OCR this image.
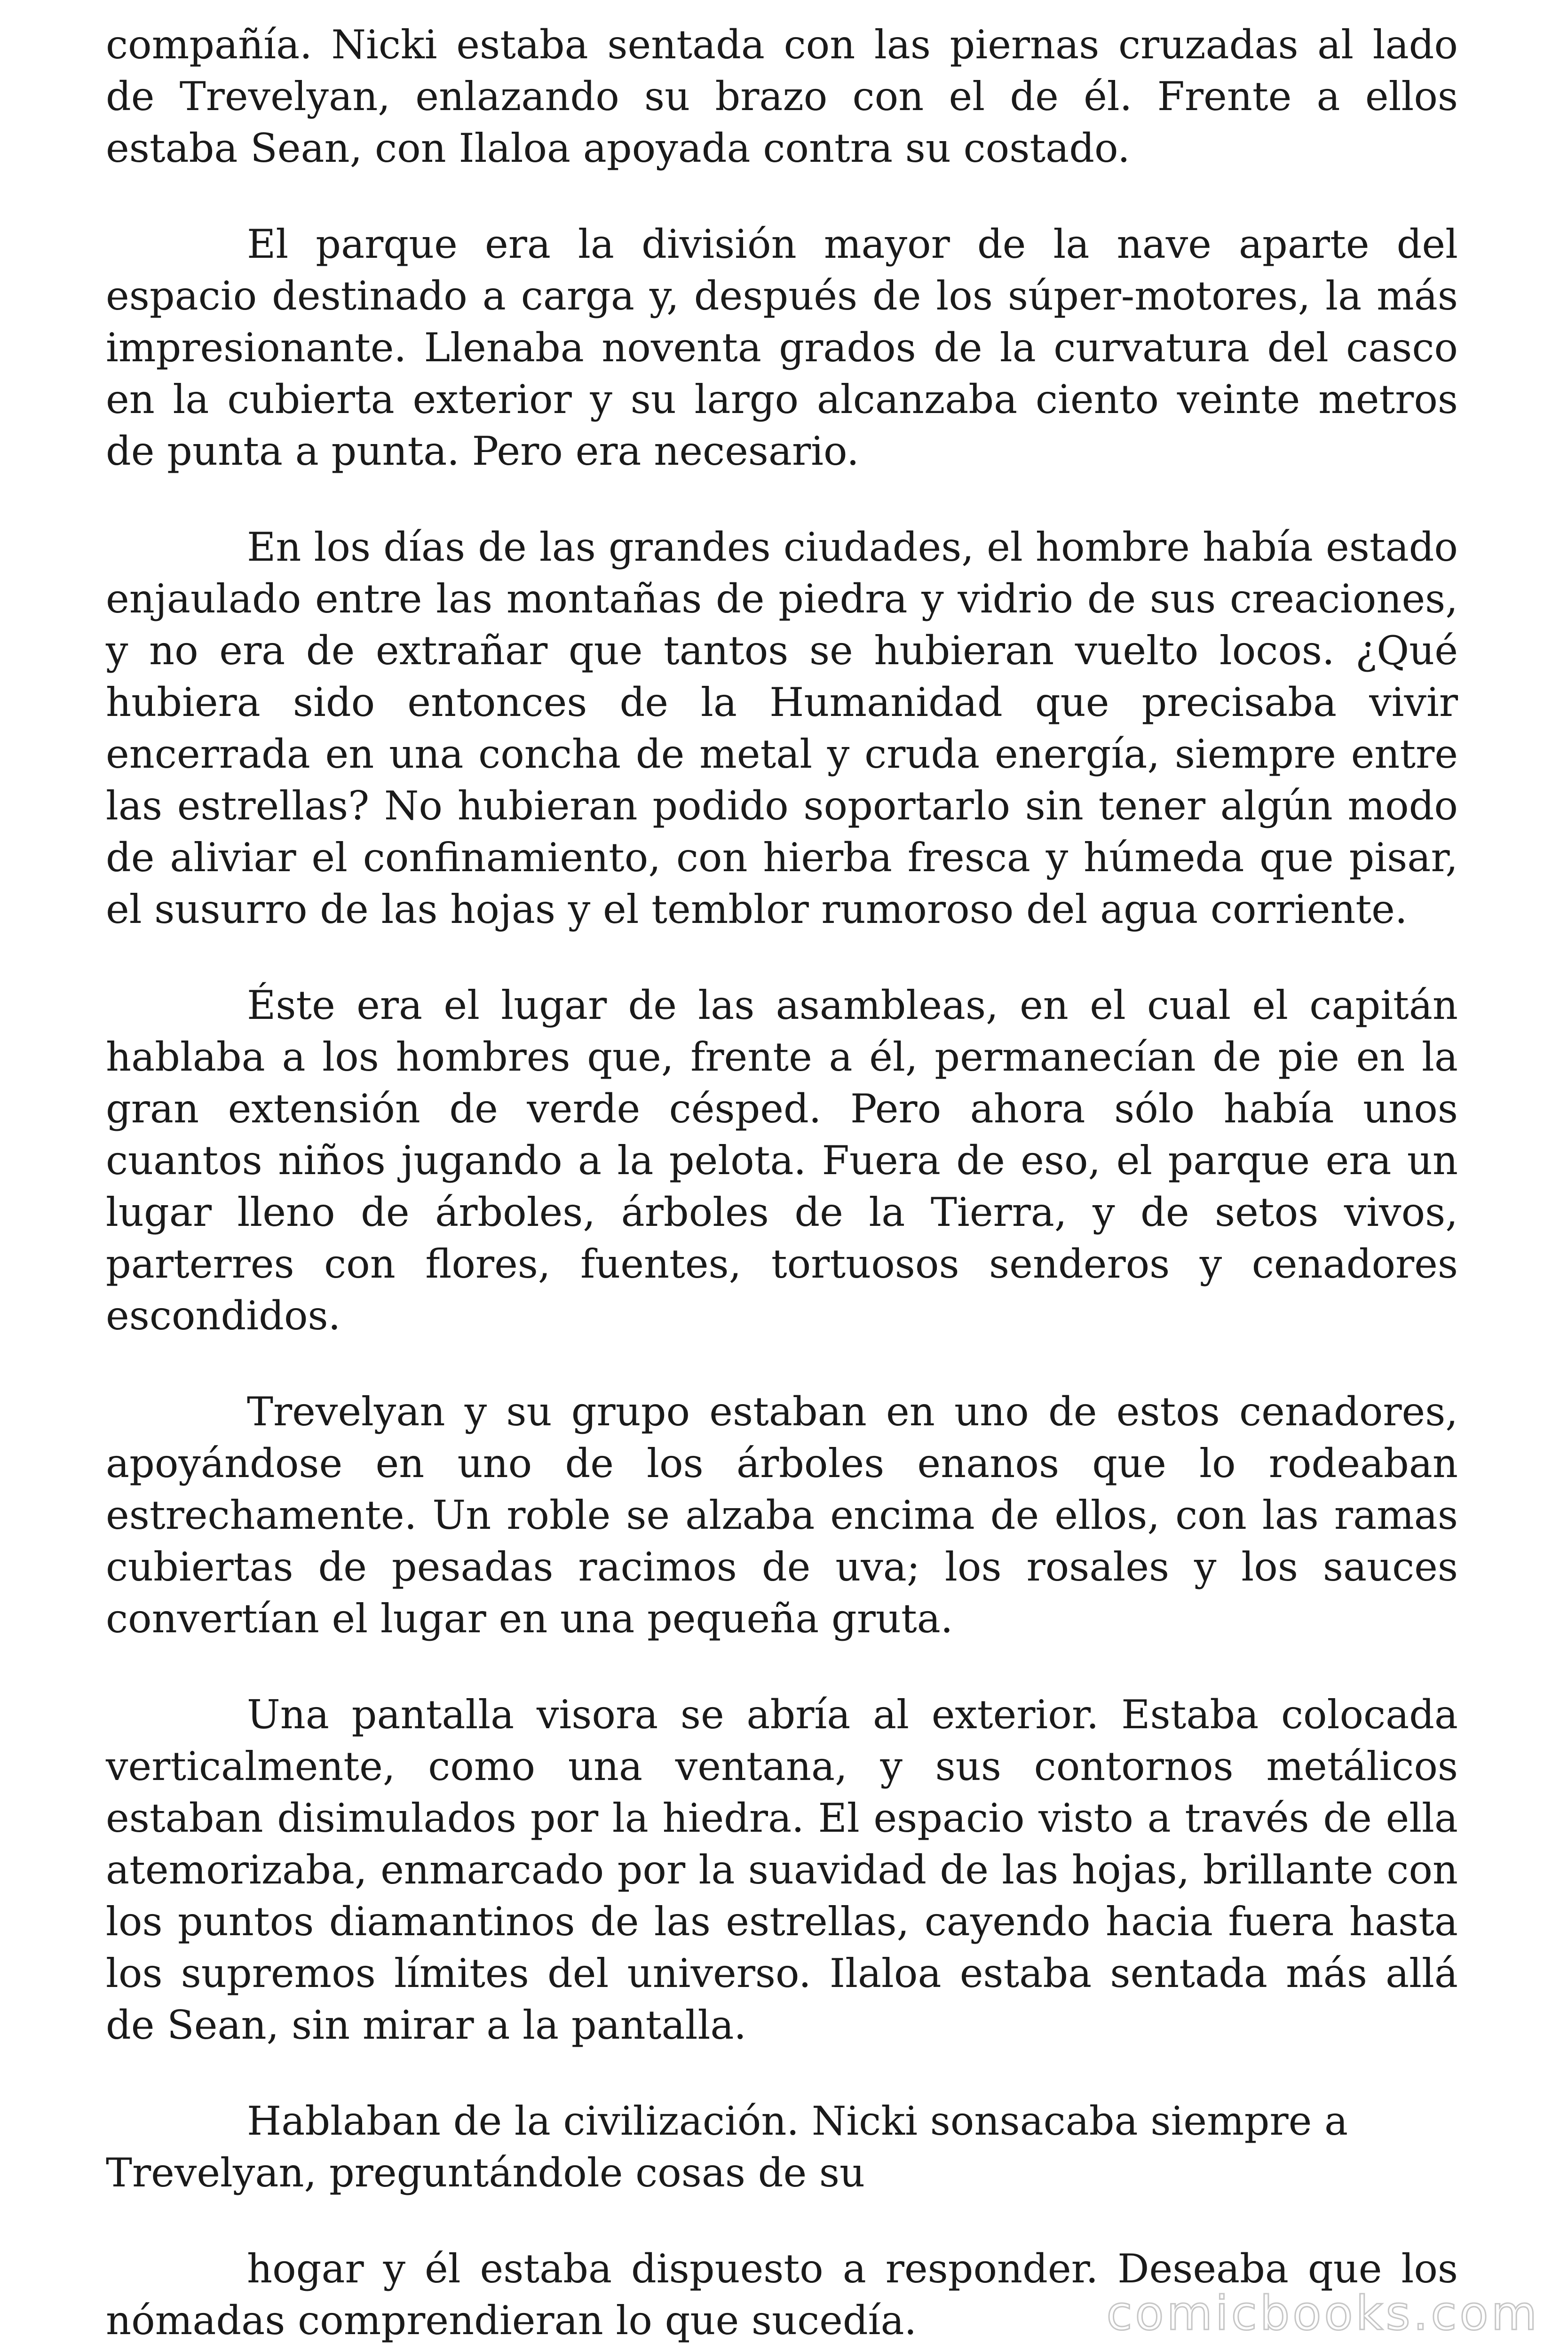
compañía. Nicki estaba sentada con las piernas cruzadas al lado de Trevelyan, enlazando su brazo con el de él. Frente a ellos estaba Sean, con Ilaloa apoyada contra su costado.

El parque era la división mayor de la nave aparte del espacio destinado a carga y, después de los súper-motores, la más impresionante. Llenaba noventa grados de la curvatura del casco en la cubierta exterior y su largo alcanzaba ciento veinte metros de punta a punta. Pero era necesario.

En los días de las grandes ciudades, el hombre había estado enjaulado entre las montañas de piedra y vidrio de sus creaciones, y no era de extrañar que tantos se hubieran vuelto locos. ¿Qué hubiera sido entonces de la Humanidad que precisaba vivir encerrada en una concha de metal y cruda energía, siempre entre las estrellas? No hubieran podido soportarlo sin tener algún modo de aliviar el confinamiento, con hierba fresca y húmeda que pisar, el susurro de las hojas y el temblor rumoroso del agua corriente.

Éste era el lugar de las asambleas, en el cual el capitán hablaba a los hombres que, frente a él, permanecían de pie en la gran extensión de verde césped. Pero ahora sólo había unos cuantos niños jugando a la pelota. Fuera de eso, el parque era un lugar lleno de árboles, árboles de la Tierra, y de setos vivos, parterres con flores, fuentes, tortuosos senderos y cenadores escondidos.

Trevelyan y su grupo estaban en uno de estos cenadores, apoyándose en uno de los árboles enanos que lo rodeaban estrechamente. Un roble se alzaba encima de ellos, con las ramas cubiertas de pesadas racimos de uva; los rosales y los sauces convertían el lugar en una pequeña gruta.

Una pantalla visora se abría al exterior. Estaba colocada verticalmente, como una ventana, y sus contornos metálicos estaban disimulados por la hiedra. El espacio visto a través de ella atemorizaba, enmarcado por la suavidad de las hojas, brillante con los puntos diamantinos de las estrellas, cayendo hacia fuera hasta los supremos límites del universo. Ilaloa estaba sentada más allá de Sean, sin mirar a la pantalla.

Hablaban de la civilización. Nicki sonsacaba siempre a Trevelyan, preguntándole cosas de su

hogar y él estaba dispuesto a responder. Deseaba que los nómadas comprendieran lo que sucedía.	comicbooks.com
